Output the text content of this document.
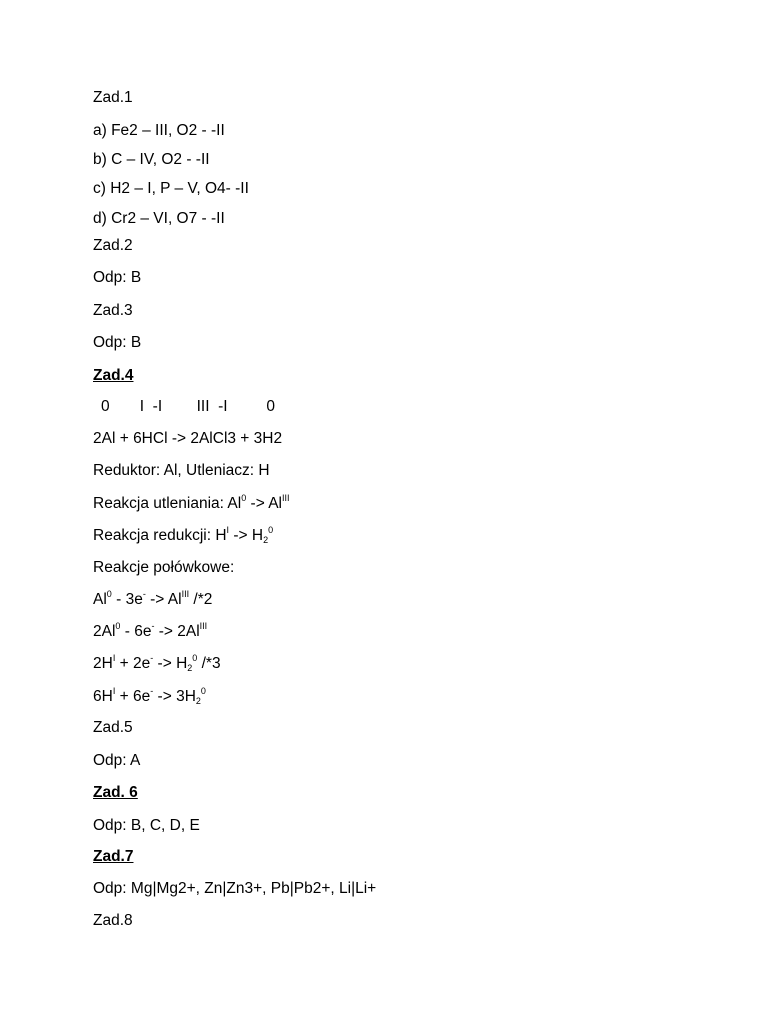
Zad.1
a) Fe2 – III, O2 - -II
b) C – IV, O2 - -II
c) H2 – I, P – V, O4- -II
d) Cr2 – VI, O7 - -II
Zad.2
Odp: B
Zad.3
Odp: B
Zad.4
0       I  -I        III  -I         0
2Al + 6HCl -> 2AlCl3 + 3H2
Reduktor: Al, Utleniacz: H
Reakcja utleniania: $Al^0 -> Al^{III}$
Reakcja redukcji: $H^I -> H_2^0$
Reakcje połówkowe:
$Al^0 - 3e^- -> Al^{III}$ /*2
$2Al^0 - 6e^- -> 2Al^{III}$
$2H^I + 2e^- -> H_2^0$ /*3
$6H^I + 6e^- -> 3H_2^0$
Zad.5
Odp: A
Zad. 6
Odp: B, C, D, E
Zad.7
Odp: Mg|Mg2+, Zn|Zn3+, Pb|Pb2+, Li|Li+
Zad.8
